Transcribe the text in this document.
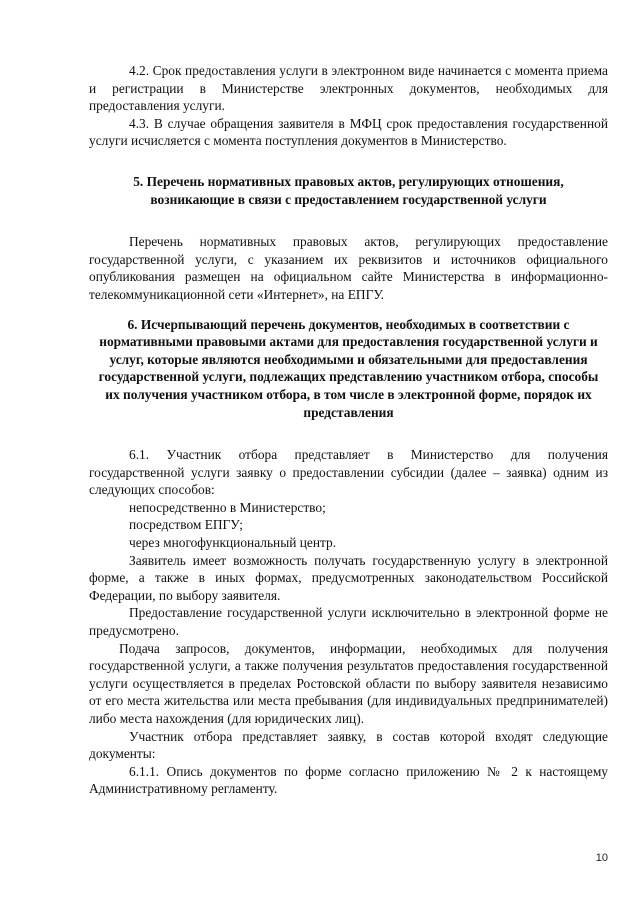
4.2. Срок предоставления услуги в электронном виде начинается с момента приема и регистрации в Министерстве электронных документов, необходимых для предоставления услуги.

4.3. В случае обращения заявителя в МФЦ срок предоставления государственной услуги исчисляется с момента поступления документов в Министерство.

5. Перечень нормативных правовых актов, регулирующих отношения, возникающие в связи с предоставлением государственной услуги

Перечень нормативных правовых актов, регулирующих предоставление государственной услуги, с указанием их реквизитов и источников официального опубликования размещен на официальном сайте Министерства в информационно-телекоммуникационной сети «Интернет», на ЕПГУ.

6. Исчерпывающий перечень документов, необходимых в соответствии с нормативными правовыми актами для предоставления государственной услуги и услуг, которые являются необходимыми и обязательными для предоставления государственной услуги, подлежащих представлению участником отбора, способы их получения участником отбора, в том числе в электронной форме, порядок их представления

6.1. Участник отбора представляет в Министерство для получения государственной услуги заявку о предоставлении субсидии (далее – заявка) одним из следующих способов:

непосредственно в Министерство;

посредством ЕПГУ;

через многофункциональный центр.

Заявитель имеет возможность получать государственную услугу в электронной форме, а также в иных формах, предусмотренных законодательством Российской Федерации, по выбору заявителя.

Предоставление государственной услуги исключительно в электронной форме не предусмотрено.

Подача запросов, документов, информации, необходимых для получения государственной услуги, а также получения результатов предоставления государственной услуги осуществляется в пределах Ростовской области по выбору заявителя независимо от его места жительства или места пребывания (для индивидуальных предпринимателей) либо места нахождения (для юридических лиц).

Участник отбора представляет заявку, в состав которой входят следующие документы:

6.1.1. Опись документов по форме согласно приложению № 2 к настоящему Административному регламенту.

10
